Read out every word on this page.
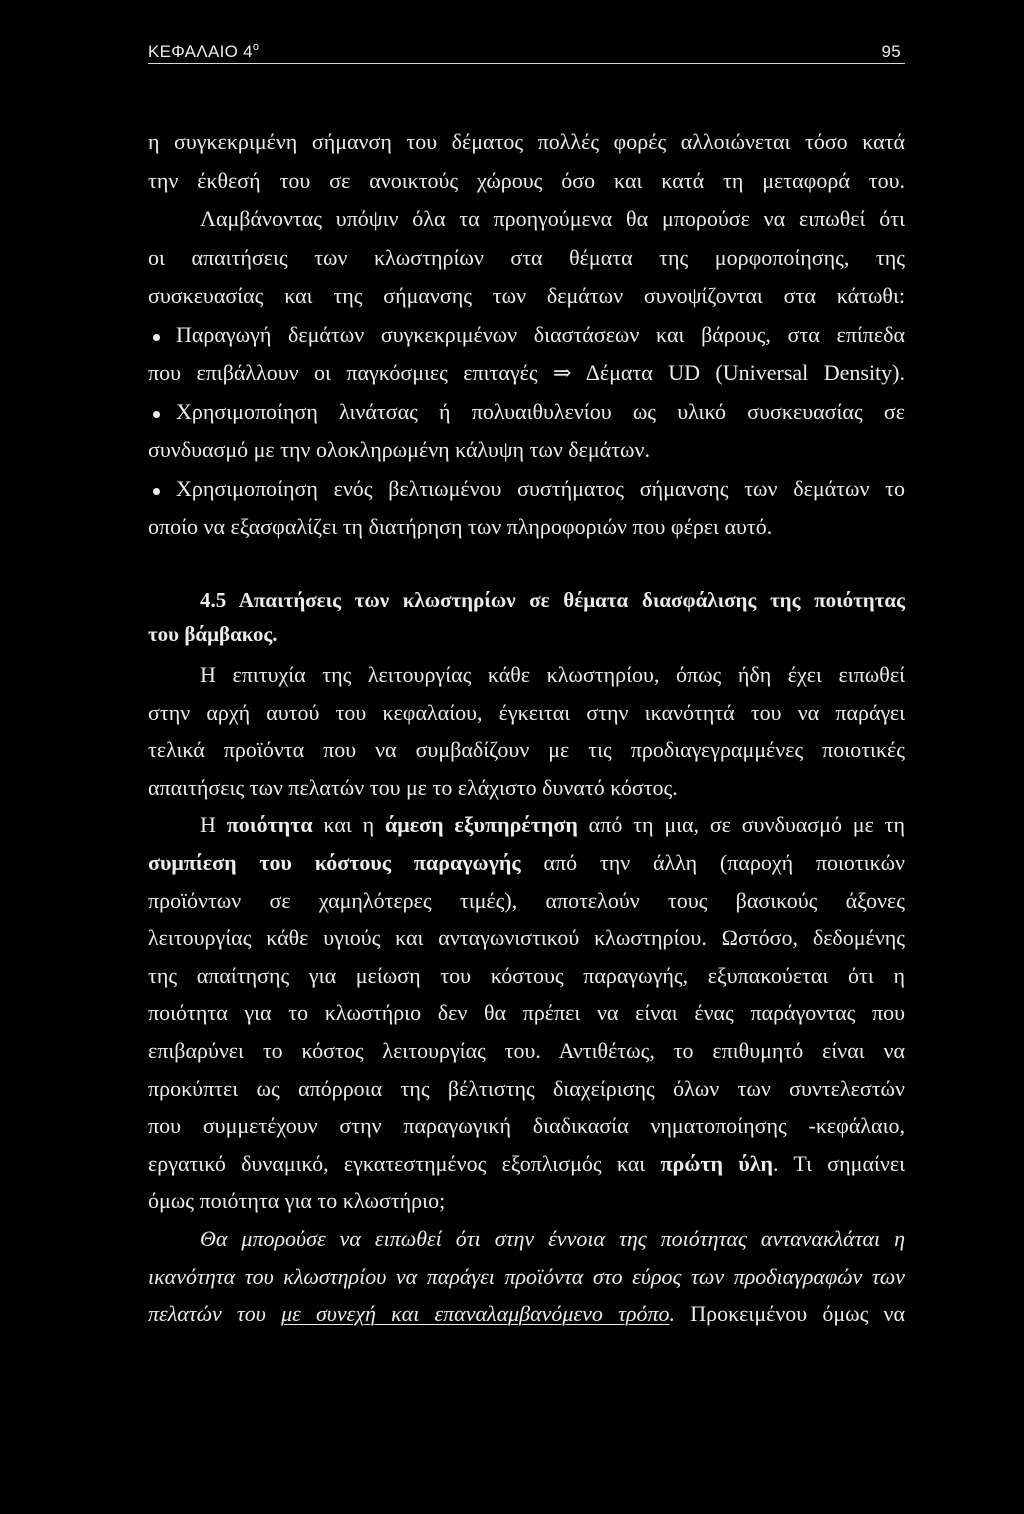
ΚΕΦΑΛΑΙΟ $4^o$	95
η συγκεκριμένη σήμανση του δέματος πολλές φορές αλλοιώνεται τόσο κατά
την έκθεσή του σε ανοικτούς χώρους όσο και κατά τη μεταφορά του.
Λαμβάνοντας υπόψιν όλα τα προηγούμενα θα μπορούσε να ειπωθεί ότι
οι απαιτήσεις των κλωστηρίων στα θέματα της μορφοποίησης, της
συσκευασίας και της σήμανσης των δεμάτων συνοψίζονται στα κάτωθι:
Παραγωγή δεμάτων συγκεκριμένων διαστάσεων και βάρους, στα επίπεδα
που επιβάλλουν οι παγκόσμιες επιταγές ⇒ Δέματα UD (Universal Density).
Χρησιμοποίηση λινάτσας ή πολυαιθυλενίου ως υλικό συσκευασίας σε
συνδυασμό με την ολοκληρωμένη κάλυψη των δεμάτων.
Χρησιμοποίηση ενός βελτιωμένου συστήματος σήμανσης των δεμάτων το
οποίο να εξασφαλίζει τη διατήρηση των πληροφοριών που φέρει αυτό.
4.5 Απαιτήσεις των κλωστηρίων σε θέματα διασφάλισης της ποιότητας
του βάμβακος.
Η επιτυχία της λειτουργίας κάθε κλωστηρίου, όπως ήδη έχει ειπωθεί
στην αρχή αυτού του κεφαλαίου, έγκειται στην ικανότητά του να παράγει
τελικά προϊόντα που να συμβαδίζουν με τις προδιαγεγραμμένες ποιοτικές
απαιτήσεις των πελατών του με το ελάχιστο δυνατό κόστος.
Η ποιότητα και η άμεση εξυπηρέτηση από τη μια, σε συνδυασμό με τη
συμπίεση του κόστους παραγωγής από την άλλη (παροχή ποιοτικών
προϊόντων σε χαμηλότερες τιμές), αποτελούν τους βασικούς άξονες
λειτουργίας κάθε υγιούς και ανταγωνιστικού κλωστηρίου. Ωστόσο, δεδομένης
της απαίτησης για μείωση του κόστους παραγωγής, εξυπακούεται ότι η
ποιότητα για το κλωστήριο δεν θα πρέπει να είναι ένας παράγοντας που
επιβαρύνει το κόστος λειτουργίας του. Αντιθέτως, το επιθυμητό είναι να
προκύπτει ως απόρροια της βέλτιστης διαχείρισης όλων των συντελεστών
που συμμετέχουν στην παραγωγική διαδικασία νηματοποίησης -κεφάλαιο,
εργατικό δυναμικό, εγκατεστημένος εξοπλισμός και πρώτη ύλη. Τι σημαίνει
όμως ποιότητα για το κλωστήριο;
Θα μπορούσε να ειπωθεί ότι στην έννοια της ποιότητας αντανακλάται η
ικανότητα του κλωστηρίου να παράγει προϊόντα στο εύρος των προδιαγραφών των
πελατών του με συνεχή και επαναλαμβανόμενο τρόπο. Προκειμένου όμως να
